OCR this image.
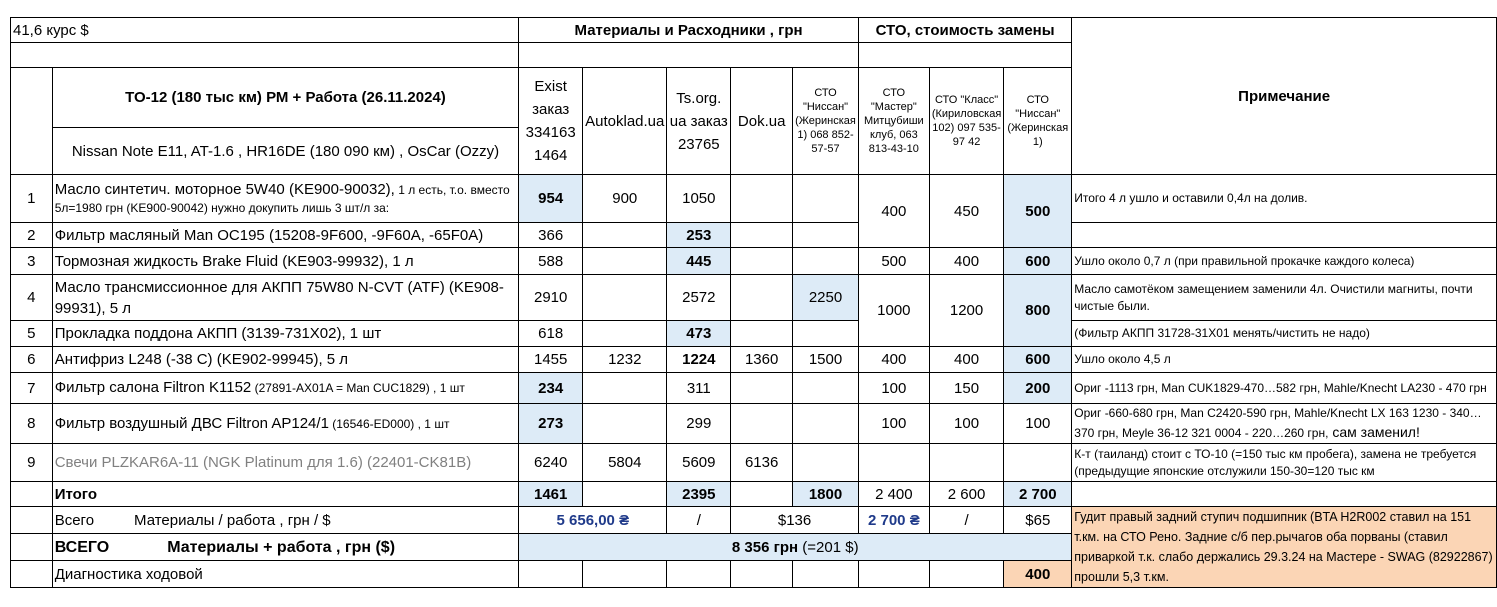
41,6 курс $		Материалы и Расходники , грн					СТО, стоимость замены			Примечание

	ТО-12 (180 тыс км) РМ + Работа (26.11.2024)	Exist заказ 334163 1464	Autoklad.ua	Ts.org. ua заказ 23765	Dok.ua	СТО "Ниссан" (Жеринская 1) 068 852-57-57	СТО "Мастер" Митцубиши клуб, 063 813-43-10	СТО "Класс" (Кириловская 102) 097 535-97 42	СТО "Ниссан" (Жеринская 1)	
	Nissan Note E11, AT-1.6 , HR16DE (180 090 км) , OsCar (Ozzy)									
1	Масло синтетич. моторное 5W40 (KE900-90032), 1 л есть, т.о. вместо 5л=1980 грн (KE900-90042) нужно докупить лишь 3 шт/л за:	954	900	1050			400	450	500	Итого 4 л ушло и оставили 0,4л на долив.
2	Фильтр масляный Man OC195 (15208-9F600, -9F60A, -65F0A)	366		253						
3	Тормозная жидкость Brake Fluid (KE903-99932), 1 л	588		445			500	400	600	Ушло около 0,7 л (при правильной прокачке каждого колеса)
4	Масло трансмиссионное для АКПП 75W80 N-CVT (ATF) (KE908-99931), 5 л	2910		2572		2250	1000	1200	800	Масло самотёком замещением заменили 4л. Очистили магниты, почти чистые были.
5	Прокладка поддона АКПП (3139-731X02), 1 шт	618		473						(Фильтр АКПП 31728-31X01 менять/чистить не надо)
6	Антифриз L248 (-38 C) (KE902-99945), 5 л	1455	1232	1224	1360	1500	400	400	600	Ушло около 4,5 л
7	Фильтр салона Filtron K1152 (27891-AX01A = Man CUC1829) , 1 шт	234		311			100	150	200	Ориг -1113 грн, Man CUK1829-470…582 грн, Mahle/Knecht LA230 - 470 грн
8	Фильтр воздушный ДВС Filtron AP124/1 (16546-ED000) , 1 шт	273		299			100	100	100	Ориг -660-680 грн, Man C2420-590 грн, Mahle/Knecht LX 163 1230 - 340…370 грн, Meyle 36-12 321 0004 - 220…260 грн, сам заменил!
9	Свечи PLZKAR6A-11 (NGK Platinum для 1.6) (22401-CK81B)	6240	5804	5609	6136					К-т (таиланд) стоит с ТО-10 (=150 тыс км пробега), замена не требуется (предыдущие японские отслужили 150-30=120 тыс км
	Итого	1461		2395		1800	2 400	2 600	2 700	
	Всего Материалы / работа , грн / $	5 656,00 ₴		/	$136		2 700 ₴	/	$65	Гудит правый задний ступич подшипник (BTA H2R002 ставил на 151 т.км. на СТО Рено. Задние с/б пер.рычагов оба порваны (ставил приваркой т.к. слабо держались 29.3.24 на Мастере - SWAG (82922867) прошли 5,3 т.км.
	ВСЕГО Материалы + работа , грн ($)	8 356 грн (=201 $)								
	Диагностика ходовой								400	
